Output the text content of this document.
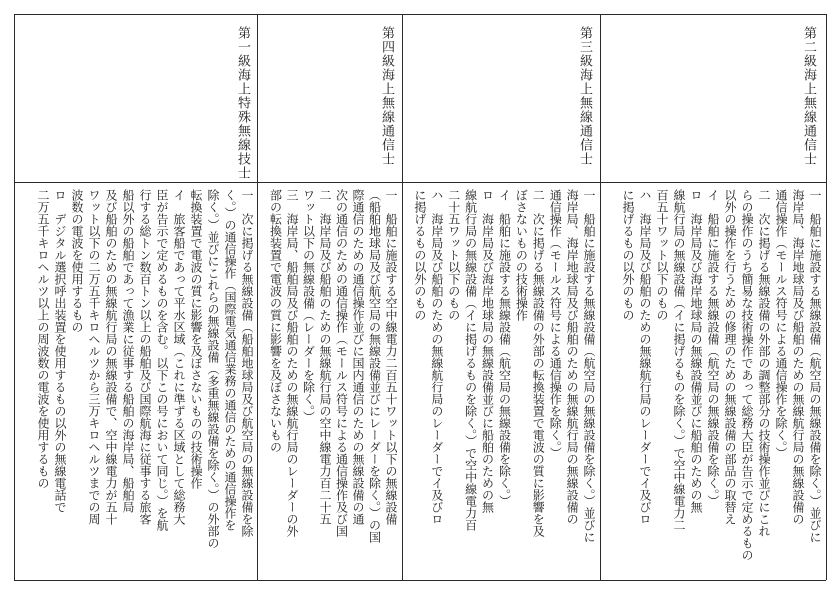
第二級海上無線通信士
第三級海上無線通信士
第四級海上無線通信士
第一級海上特殊無線技士
一　船舶に施設する無線設備（航空局の無線設備を除く。）並びに
海岸局、海岸地球局及び船舶のための無線航行局の無線設備の
通信操作（モールス符号による通信操作を除く。）
二　次に掲げる無線設備の外部の調整部分の技術操作並びにこれ
らの操作のうち簡易な技術操作であって総務大臣が告示で定めるもの
以外の操作を行うための修理のための無線設備の部品の取替え
イ　船舶に施設する無線設備（航空局の無線設備を除く。）
ロ　海岸局及び海岸地球局の無線設備並びに船舶のための無
線航行局の無線設備（イに掲げるものを除く。）で空中線電力二
百五十ワット以下のもの
ハ　海岸局及び船舶のための無線航行局のレーダーでイ及びロ
に掲げるもの以外のもの
一　船舶に施設する無線設備（航空局の無線設備を除く。）並びに
海岸局、海岸地球局及び船舶のための無線航行局の無線設備の
通信操作（モールス符号による通信操作を除く。）
二　次に掲げる無線設備の外部の転換装置で電波の質に影響を及
ぼさないものの技術操作
イ　船舶に施設する無線設備（航空局の無線設備を除く。）
ロ　海岸局及び海岸地球局の無線設備並びに船舶のための無
線航行局の無線設備（イに掲げるものを除く。）で空中線電力百
二十五ワット以下のもの
ハ　海岸局及び船舶のための無線航行局のレーダーでイ及びロ
に掲げるもの以外のもの
一　船舶に施設する空中線電力二百五十ワット以下の無線設備
（船舶地球局及び航空局の無線設備並びにレーダーを除く。）の国
際通信のための通信操作並びに国内通信のための無線設備の通
次の通信のための通信操作（モールス符号による通信操作及び国
二　海岸局及び船舶のための無線航行局の空中線電力百二十五
ワット以下の無線設備（レーダーを除く。）
三　海岸局、船舶局及び船舶のための無線航行局のレーダーの外
部の転換装置で電波の質に影響を及ぼさないもの
一　次に掲げる無線設備（船舶地球局及び航空局の無線設備を除
く。）の通信操作（国際電気通信業務の通信のための通信操作を
除く。）並びにこれらの無線設備（多重無線設備を除く。）の外部の
転換装置で電波の質に影響を及ぼさないものの技術操作
イ　旅客船であって平水区域（これに準ずる区域として総務大
臣が告示で定めるものを含む。以下この号において同じ。）を航
行する総トン数百トン以上の船舶及び国際航海に従事する旅客
船以外の船舶であって漁業に従事する船舶の海岸局、船舶局
及び船舶のための無線航行局の無線設備で、空中線電力が五十
ワット以下の二万五千キロヘルツから三万キロヘルツまでの周
波数の電波を使用するもの
ロ　デジタル選択呼出装置を使用するもの以外の無線電話で
二万五千キロヘルツ以上の周波数の電波を使用するもの
